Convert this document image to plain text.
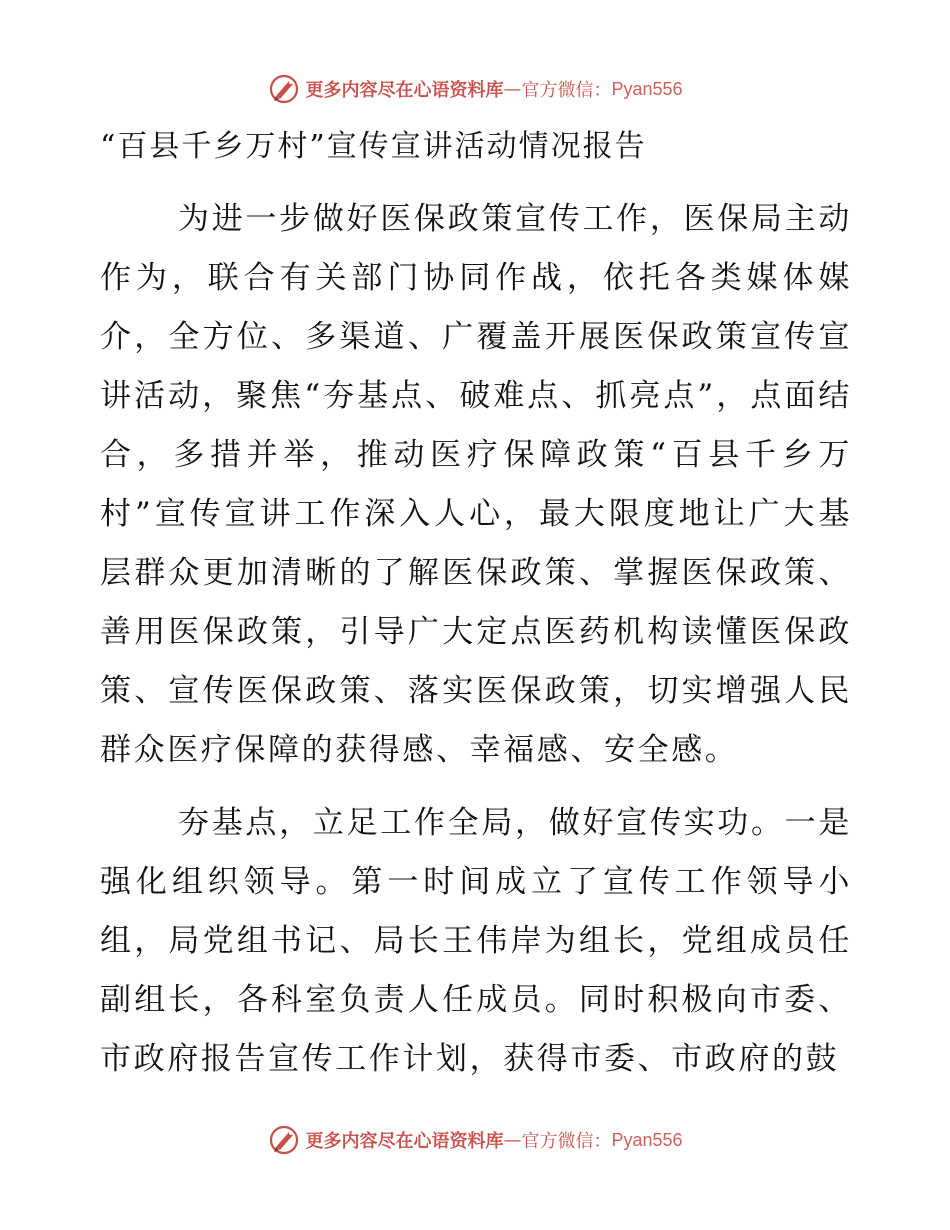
更多内容尽在心语资料库 — 官方微信： Pyan556
“百县千乡万村”宣传宣讲活动情况报告

为进一步做好医保政策宣传工作，医保局主动作为，联合有关部门协同作战，依托各类媒体媒介，全方位、多渠道、广覆盖开展医保政策宣传宣讲活动，聚焦“夯基点、破难点、抓亮点”，点面结合，多措并举，推动医疗保障政策“百县千乡万村”宣传宣讲工作深入人心，最大限度地让广大基层群众更加清晰的了解医保政策、掌握医保政策、善用医保政策，引导广大定点医药机构读懂医保政策、宣传医保政策、落实医保政策，切实增强人民群众医疗保障的获得感、幸福感、安全感。

夯基点，立足工作全局，做好宣传实功。一是强化组织领导。第一时间成立了宣传工作领导小组，局党组书记、局长王伟岸为组长，党组成员任副组长，各科室负责人任成员。同时积极向市委、市政府报告宣传工作计划，获得市委、市政府的鼓

更多内容尽在心语资料库 — 官方微信： Pyan556
